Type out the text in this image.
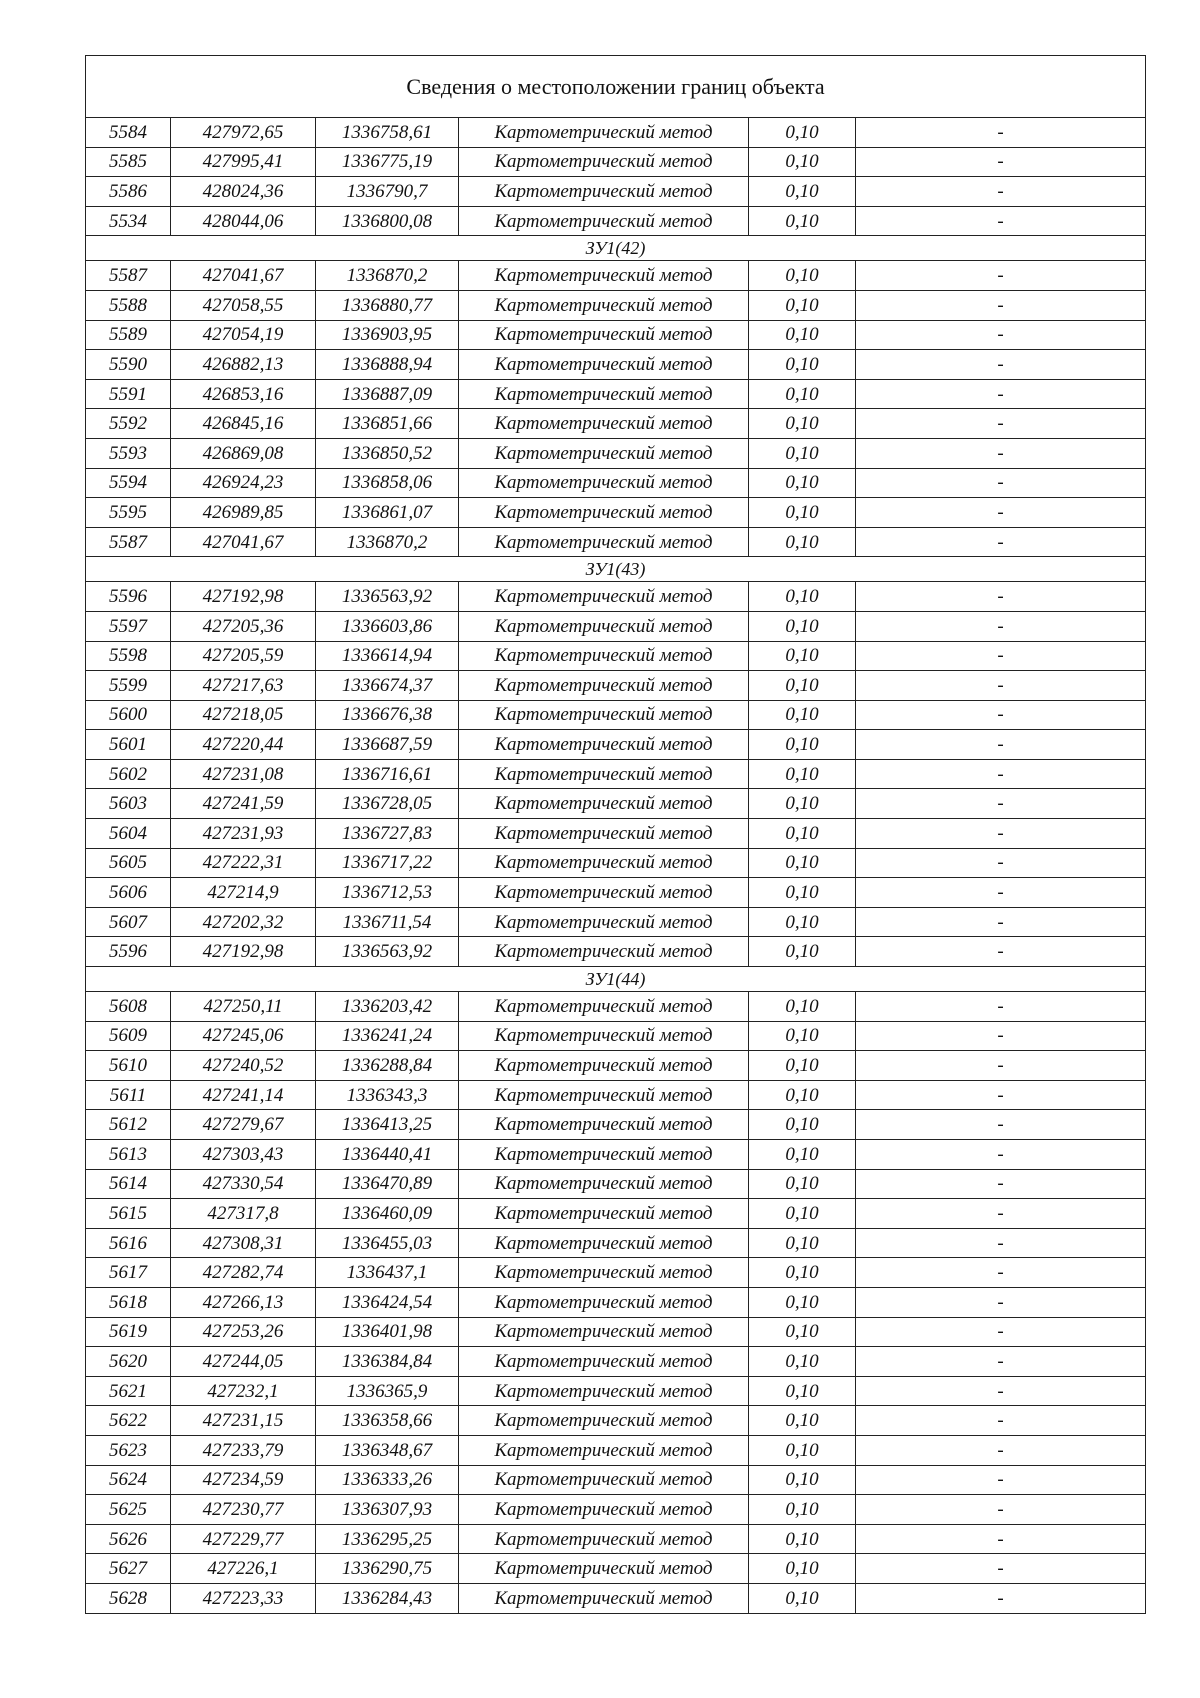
Сведения о местоположении границ объекта					
5584	427972,65	1336758,61	Картометрический метод	0,10	-
5585	427995,41	1336775,19	Картометрический метод	0,10	-
5586	428024,36	1336790,7	Картометрический метод	0,10	-
5534	428044,06	1336800,08	Картометрический метод	0,10	-
ЗУ1(42)					
5587	427041,67	1336870,2	Картометрический метод	0,10	-
5588	427058,55	1336880,77	Картометрический метод	0,10	-
5589	427054,19	1336903,95	Картометрический метод	0,10	-
5590	426882,13	1336888,94	Картометрический метод	0,10	-
5591	426853,16	1336887,09	Картометрический метод	0,10	-
5592	426845,16	1336851,66	Картометрический метод	0,10	-
5593	426869,08	1336850,52	Картометрический метод	0,10	-
5594	426924,23	1336858,06	Картометрический метод	0,10	-
5595	426989,85	1336861,07	Картометрический метод	0,10	-
5587	427041,67	1336870,2	Картометрический метод	0,10	-
ЗУ1(43)					
5596	427192,98	1336563,92	Картометрический метод	0,10	-
5597	427205,36	1336603,86	Картометрический метод	0,10	-
5598	427205,59	1336614,94	Картометрический метод	0,10	-
5599	427217,63	1336674,37	Картометрический метод	0,10	-
5600	427218,05	1336676,38	Картометрический метод	0,10	-
5601	427220,44	1336687,59	Картометрический метод	0,10	-
5602	427231,08	1336716,61	Картометрический метод	0,10	-
5603	427241,59	1336728,05	Картометрический метод	0,10	-
5604	427231,93	1336727,83	Картометрический метод	0,10	-
5605	427222,31	1336717,22	Картометрический метод	0,10	-
5606	427214,9	1336712,53	Картометрический метод	0,10	-
5607	427202,32	1336711,54	Картометрический метод	0,10	-
5596	427192,98	1336563,92	Картометрический метод	0,10	-
ЗУ1(44)					
5608	427250,11	1336203,42	Картометрический метод	0,10	-
5609	427245,06	1336241,24	Картометрический метод	0,10	-
5610	427240,52	1336288,84	Картометрический метод	0,10	-
5611	427241,14	1336343,3	Картометрический метод	0,10	-
5612	427279,67	1336413,25	Картометрический метод	0,10	-
5613	427303,43	1336440,41	Картометрический метод	0,10	-
5614	427330,54	1336470,89	Картометрический метод	0,10	-
5615	427317,8	1336460,09	Картометрический метод	0,10	-
5616	427308,31	1336455,03	Картометрический метод	0,10	-
5617	427282,74	1336437,1	Картометрический метод	0,10	-
5618	427266,13	1336424,54	Картометрический метод	0,10	-
5619	427253,26	1336401,98	Картометрический метод	0,10	-
5620	427244,05	1336384,84	Картометрический метод	0,10	-
5621	427232,1	1336365,9	Картометрический метод	0,10	-
5622	427231,15	1336358,66	Картометрический метод	0,10	-
5623	427233,79	1336348,67	Картометрический метод	0,10	-
5624	427234,59	1336333,26	Картометрический метод	0,10	-
5625	427230,77	1336307,93	Картометрический метод	0,10	-
5626	427229,77	1336295,25	Картометрический метод	0,10	-
5627	427226,1	1336290,75	Картометрический метод	0,10	-
5628	427223,33	1336284,43	Картометрический метод	0,10	-
